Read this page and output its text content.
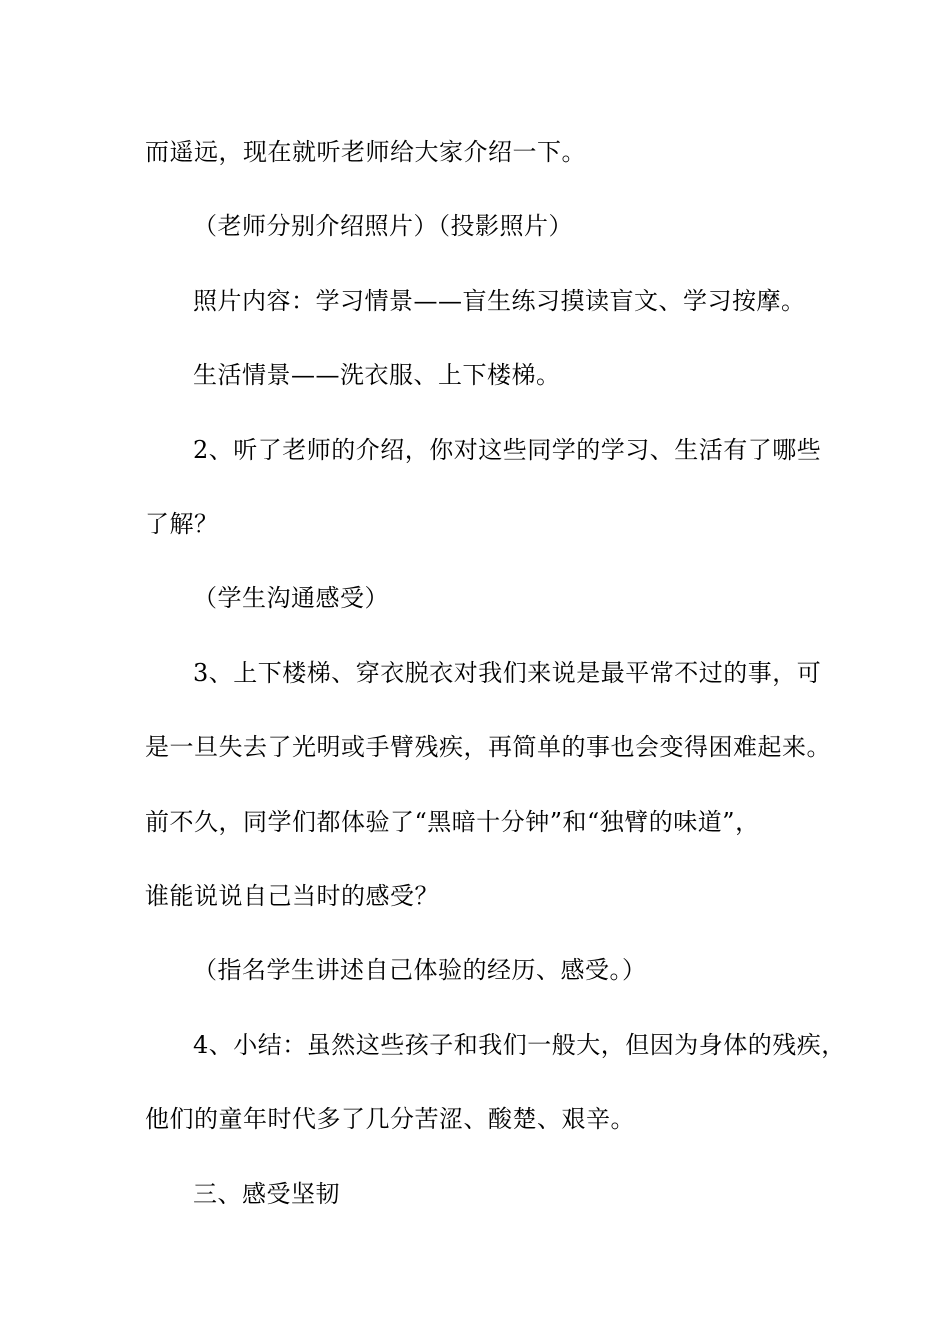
而遥远，现在就听老师给大家介绍一下。
（老师分别介绍照片）（投影照片）
照片内容：学习情景——盲生练习摸读盲文、学习按摩。
生活情景——洗衣服、上下楼梯。
2、听了老师的介绍，你对这些同学的学习、生活有了哪些
了解？
（学生沟通感受）
3、上下楼梯、穿衣脱衣对我们来说是最平常不过的事，可
是一旦失去了光明或手臂残疾，再简单的事也会变得困难起来。
前不久，同学们都体验了“黑暗十分钟”和“独臂的味道”，
谁能说说自己当时的感受？
（指名学生讲述自己体验的经历、感受。）
4、小结：虽然这些孩子和我们一般大，但因为身体的残疾，
他们的童年时代多了几分苦涩、酸楚、艰辛。
三、感受坚韧
